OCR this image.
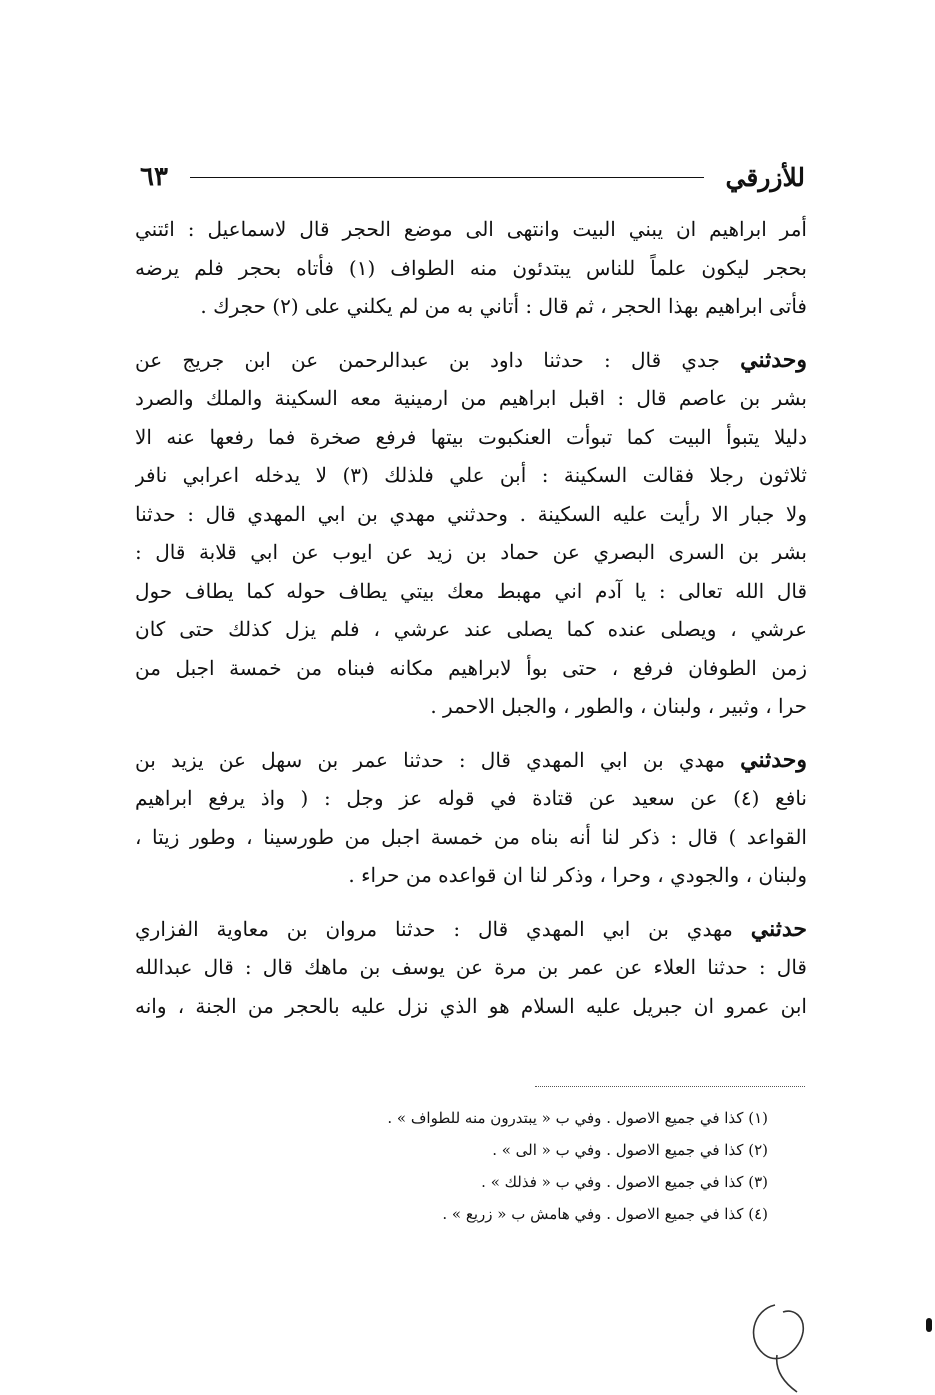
للأزرقي
٦٣

أمر ابراهيم ان يبني البيت وانتهى الى موضع الحجر قال لاسماعيل : ائتني
بحجر ليكون علماً للناس يبتدئون منه الطواف (١) فأتاه بحجر فلم يرضه
فأتى ابراهيم بهذا الحجر ، ثم قال : أتاني به من لم يكلني على (٢) حجرك .

وحدثني جدي قال : حدثنا داود بن عبدالرحمن عن ابن جريج عن
بشر بن عاصم قال : اقبل ابراهيم من ارمينية معه السكينة والملك والصرد
دليلا يتبوأ البيت كما تبوأت العنكبوت بيتها فرفع صخرة فما رفعها عنه الا
ثلاثون رجلا فقالت السكينة : أبن علي فلذلك (٣) لا يدخله اعرابي نافر
ولا جبار الا رأيت عليه السكينة . وحدثني مهدي بن ابي المهدي قال : حدثنا
بشر بن السرى البصري عن حماد بن زيد عن ايوب عن ابي قلابة قال :
قال الله تعالى : يا آدم اني مهبط معك بيتي يطاف حوله كما يطاف حول
عرشي ، ويصلى عنده كما يصلى عند عرشي ، فلم يزل كذلك حتى كان
زمن الطوفان فرفع ، حتى بوأ لابراهيم مكانه فبناه من خمسة اجبل من
حرا ، وثبير ، ولبنان ، والطور ، والجبل الاحمر .

وحدثني مهدي بن ابي المهدي قال : حدثنا عمر بن سهل عن يزيد بن
نافع (٤) عن سعيد عن قتادة في قوله عز وجل : ( واذ يرفع ابراهيم
القواعد ) قال : ذكر لنا أنه بناه من خمسة اجبل من طورسينا ، وطور زيتا ،
ولبنان ، والجودي ، وحرا ، وذكر لنا ان قواعده من حراء .

حدثني مهدي بن ابي المهدي قال : حدثنا مروان بن معاوية الفزاري
قال : حدثنا العلاء عن عمر بن مرة عن يوسف بن ماهك قال : قال عبدالله
ابن عمرو ان جبريل عليه السلام هو الذي نزل عليه بالحجر من الجنة ، وانه

(١) كذا في جميع الاصول . وفي ب « يبتدرون منه للطواف » .
(٢) كذا في جميع الاصول . وفي ب « الى » .
(٣) كذا في جميع الاصول . وفي ب « فذلك » .
(٤) كذا في جميع الاصول . وفي هامش ب « زريع » .
